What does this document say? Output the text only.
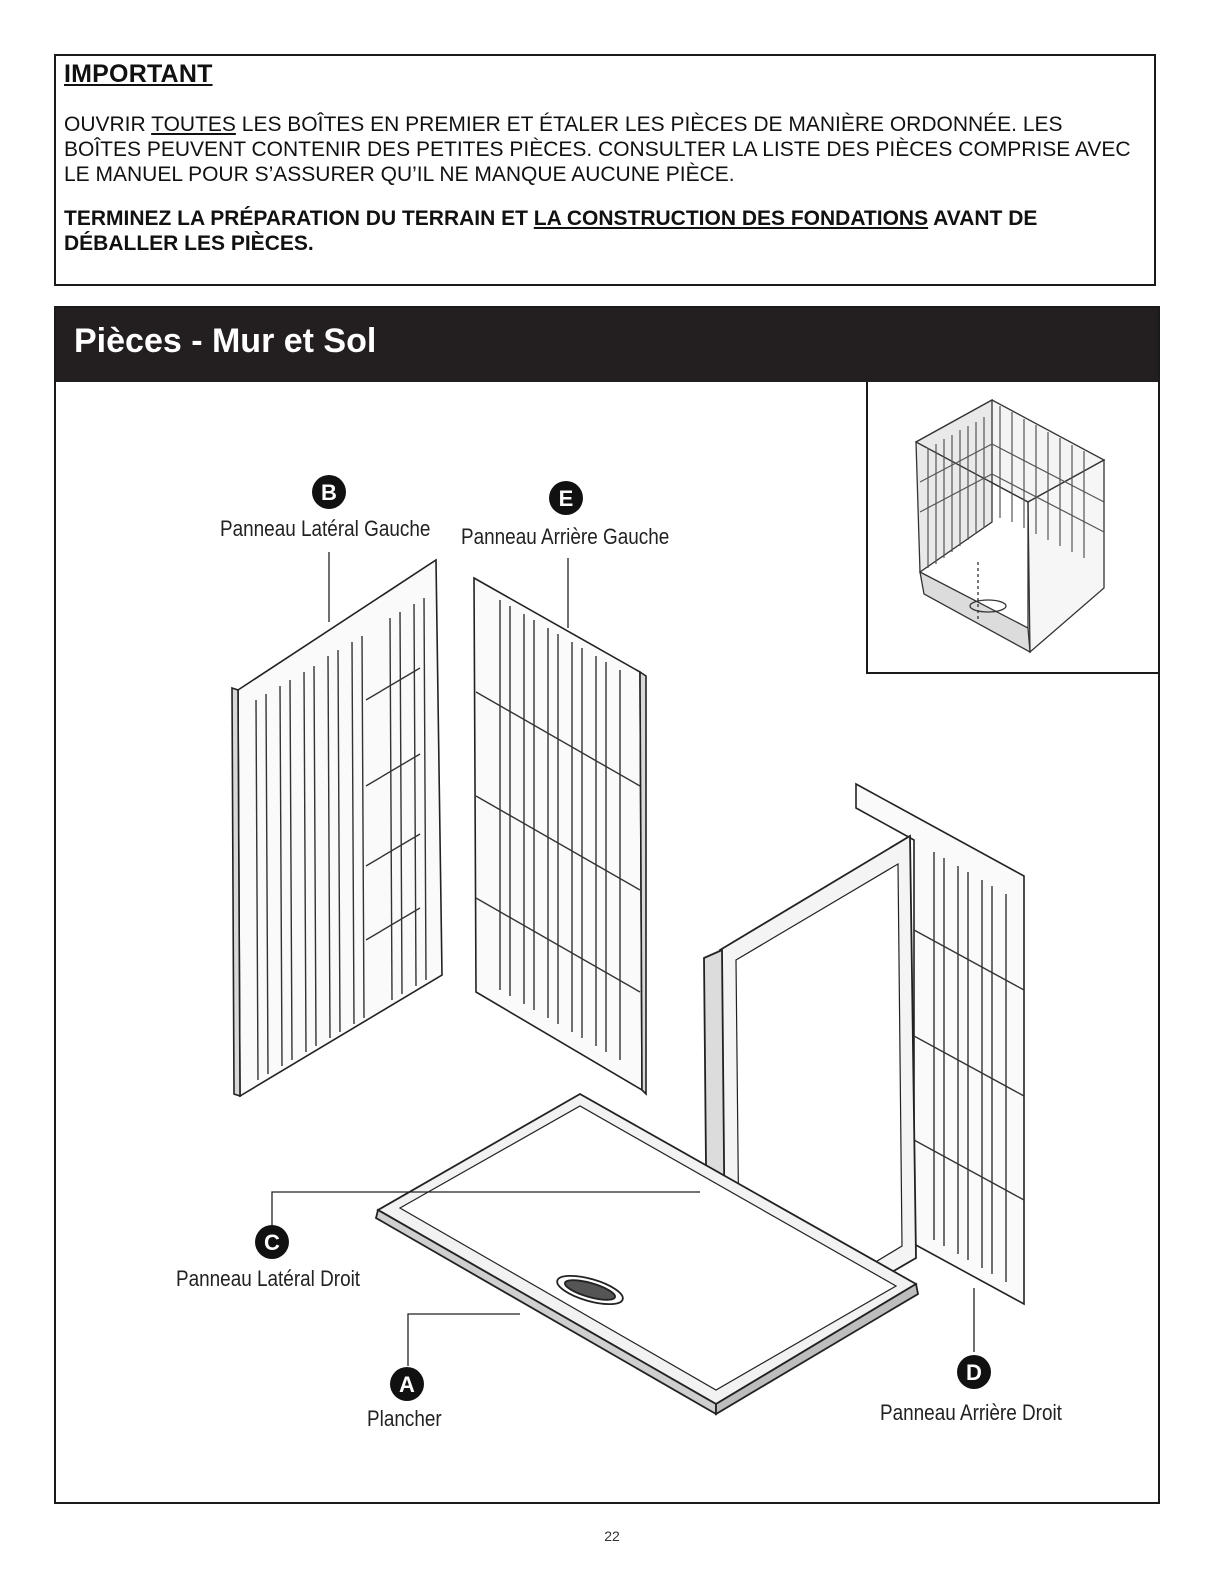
IMPORTANT
OUVRIR TOUTES LES BOÎTES EN PREMIER ET ÉTALER LES PIÈCES DE MANIÈRE ORDONNÉE. LES BOÎTES PEUVENT CONTENIR DES PETITES PIÈCES. CONSULTER LA LISTE DES PIÈCES COMPRISE AVEC LE MANUEL POUR S’ASSURER QU’IL NE MANQUE AUCUNE PIÈCE.
TERMINEZ LA PRÉPARATION DU TERRAIN ET LA CONSTRUCTION DES FONDATIONS AVANT DE DÉBALLER LES PIÈCES.
Pièces - Mur et Sol
B	E
C
A	D
Panneau Latéral Gauche Panneau Arrière Gauche
Panneau Latéral Droit
Plancher	Panneau Arrière Droit
22
